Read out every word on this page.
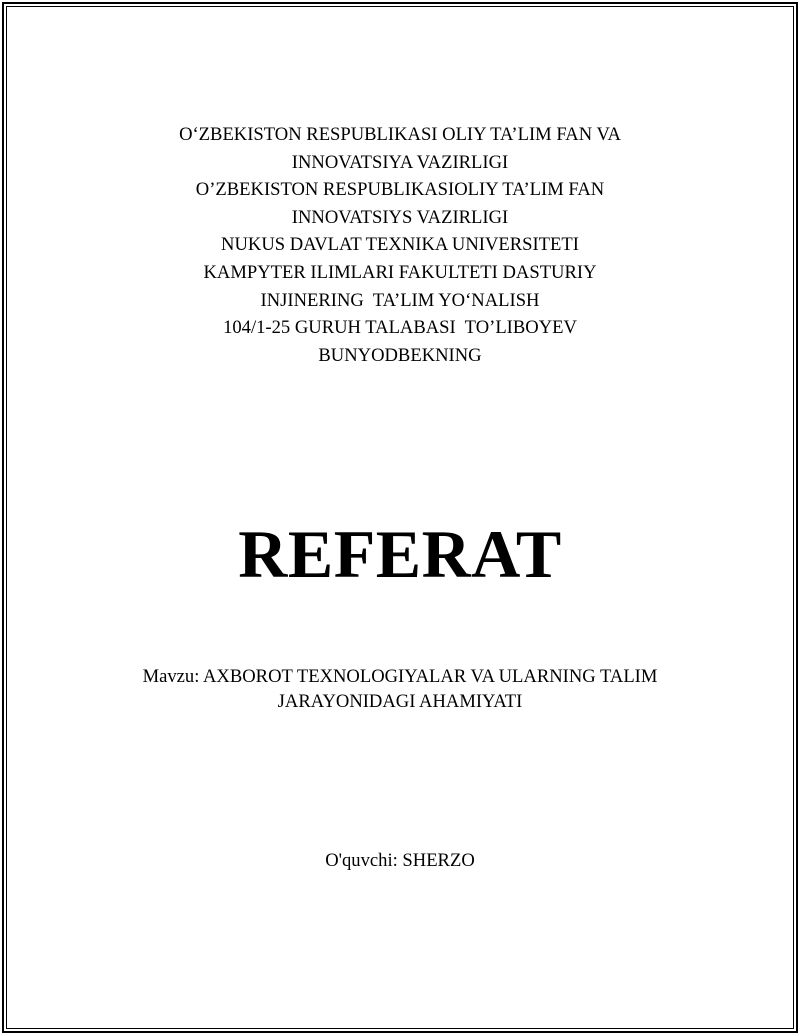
O‘ZBEKISTON RESPUBLIKASI OLIY TA’LIM FAN VA
INNOVATSIYA VAZIRLIGI
O’ZBEKISTON RESPUBLIKASIOLIY TA’LIM FAN
INNOVATSIYS VAZIRLIGI
NUKUS DAVLAT TEXNIKA UNIVERSITETI
KAMPYTER ILIMLARI FAKULTETI DASTURIY
INJINERING  TA’LIM YO‘NALISH
104/1-25 GURUH TALABASI  TO’LIBOYEV
BUNYODBEKNING
REFERAT
Mavzu: AXBOROT TEXNOLOGIYALAR VA ULARNING TALIM
JARAYONIDAGI AHAMIYATI
O'quvchi: SHERZO
